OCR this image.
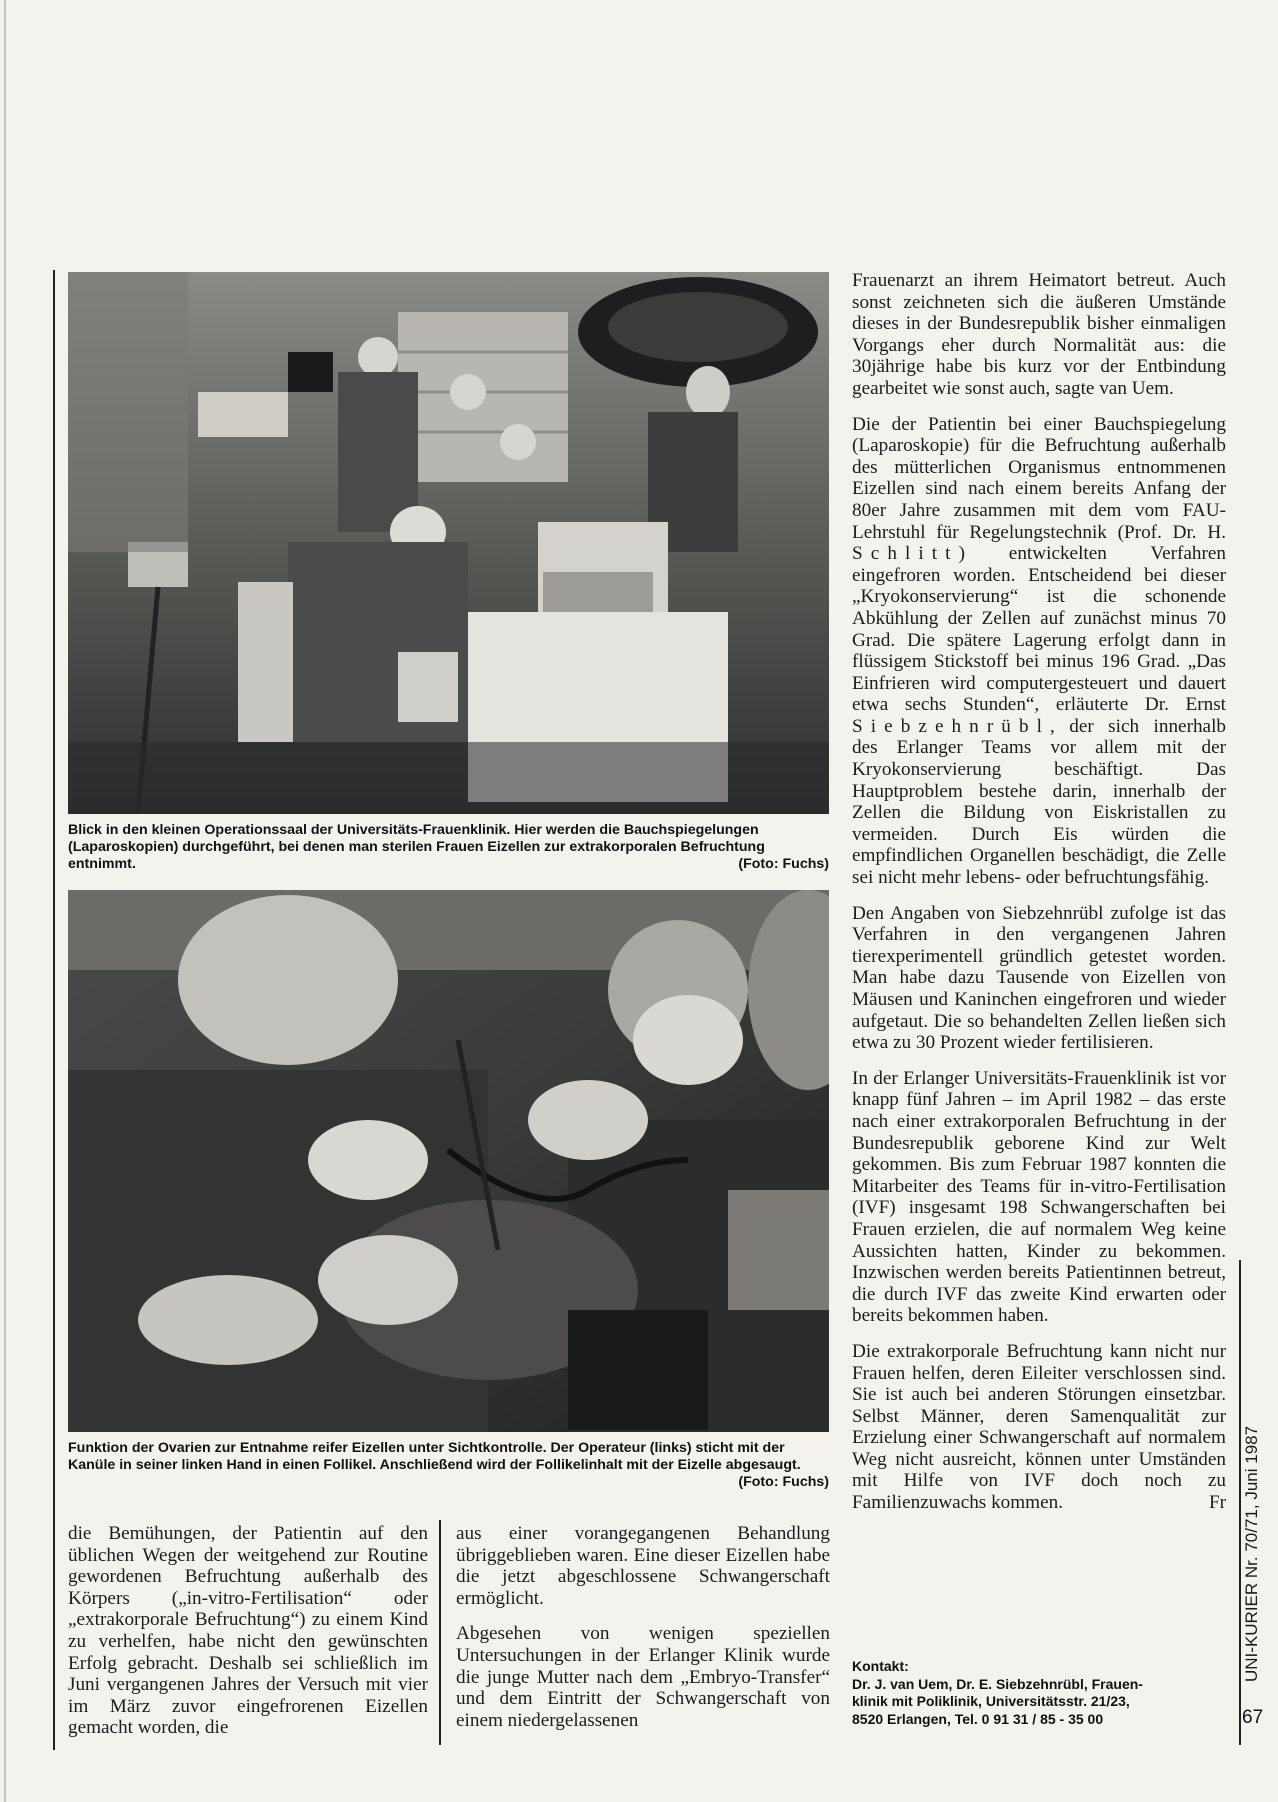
Blick in den kleinen Operationssaal der Universitäts-Frauenklinik. Hier werden die Bauchspiegelungen (Laparoskopien) durchgeführt, bei denen man sterilen Frauen Eizellen zur extrakorporalen Befruchtung entnimmt.	(Foto: Fuchs)
Funktion der Ovarien zur Entnahme reifer Eizellen unter Sichtkontrolle. Der Operateur (links) sticht mit der Kanüle in seiner linken Hand in einen Follikel. Anschließend wird der Follikelinhalt mit der Eizelle abgesaugt.
(Foto: Fuchs)

die Bemühungen, der Patientin auf den üblichen Wegen der weitgehend zur Routine gewordenen Befruchtung außerhalb des Körpers („in-vitro-Fertilisation“ oder „extrakorporale Befruchtung“) zu einem Kind zu verhelfen, habe nicht den gewünschten Erfolg gebracht. Deshalb sei schließlich im Juni vergangenen Jahres der Versuch mit vier im März zuvor eingefrorenen Eizellen gemacht worden, die

aus einer vorangegangenen Behandlung übriggeblieben waren. Eine dieser Eizellen habe die jetzt abgeschlossene Schwangerschaft ermöglicht.

Abgesehen von wenigen speziellen Untersuchungen in der Erlanger Klinik wurde die junge Mutter nach dem „Embryo-Transfer“ und dem Eintritt der Schwangerschaft von einem niedergelassenen

Frauenarzt an ihrem Heimatort betreut. Auch sonst zeichneten sich die äußeren Umstände dieses in der Bundesrepublik bisher einmaligen Vorgangs eher durch Normalität aus: die 30jährige habe bis kurz vor der Entbindung gearbeitet wie sonst auch, sagte van Uem.

Die der Patientin bei einer Bauchspiegelung (Laparoskopie) für die Befruchtung außerhalb des mütterlichen Organismus entnommenen Eizellen sind nach einem bereits Anfang der 80er Jahre zusammen mit dem vom FAU-Lehrstuhl für Regelungstechnik (Prof. Dr. H. Schlitt) entwickelten Verfahren eingefroren worden. Entscheidend bei dieser „Kryokonservierung“ ist die schonende Abkühlung der Zellen auf zunächst minus 70 Grad. Die spätere Lagerung erfolgt dann in flüssigem Stickstoff bei minus 196 Grad. „Das Einfrieren wird computergesteuert und dauert etwa sechs Stunden“, erläuterte Dr. Ernst Siebzehnrübl, der sich innerhalb des Erlanger Teams vor allem mit der Kryokonservierung beschäftigt. Das Hauptproblem bestehe darin, innerhalb der Zellen die Bildung von Eiskristallen zu vermeiden. Durch Eis würden die empfindlichen Organellen beschädigt, die Zelle sei nicht mehr lebens- oder befruchtungsfähig.

Den Angaben von Siebzehnrübl zufolge ist das Verfahren in den vergangenen Jahren tierexperimentell gründlich getestet worden. Man habe dazu Tausende von Eizellen von Mäusen und Kaninchen eingefroren und wieder aufgetaut. Die so behandelten Zellen ließen sich etwa zu 30 Prozent wieder fertilisieren.

In der Erlanger Universitäts-Frauenklinik ist vor knapp fünf Jahren – im April 1982 – das erste nach einer extrakorporalen Befruchtung in der Bundesrepublik geborene Kind zur Welt gekommen. Bis zum Februar 1987 konnten die Mitarbeiter des Teams für in-vitro-Fertilisation (IVF) insgesamt 198 Schwangerschaften bei Frauen erzielen, die auf normalem Weg keine Aussichten hatten, Kinder zu bekommen. Inzwischen werden bereits Patientinnen betreut, die durch IVF das zweite Kind erwarten oder bereits bekommen haben.

Die extrakorporale Befruchtung kann nicht nur Frauen helfen, deren Eileiter verschlossen sind. Sie ist auch bei anderen Störungen einsetzbar. Selbst Männer, deren Samenqualität zur Erzielung einer Schwangerschaft auf normalem Weg nicht ausreicht, können unter Umständen mit Hilfe von IVF doch noch zu Familienzuwachs kommen.	Fr

Kontakt:
Dr. J. van Uem, Dr. E. Siebzehnrübl, Frauen-
klinik mit Poliklinik, Universitätsstr. 21/23,
8520 Erlangen, Tel. 0 91 31 / 85 - 35 00
UNI-KURIER Nr. 70/71, Juni 1987
67
